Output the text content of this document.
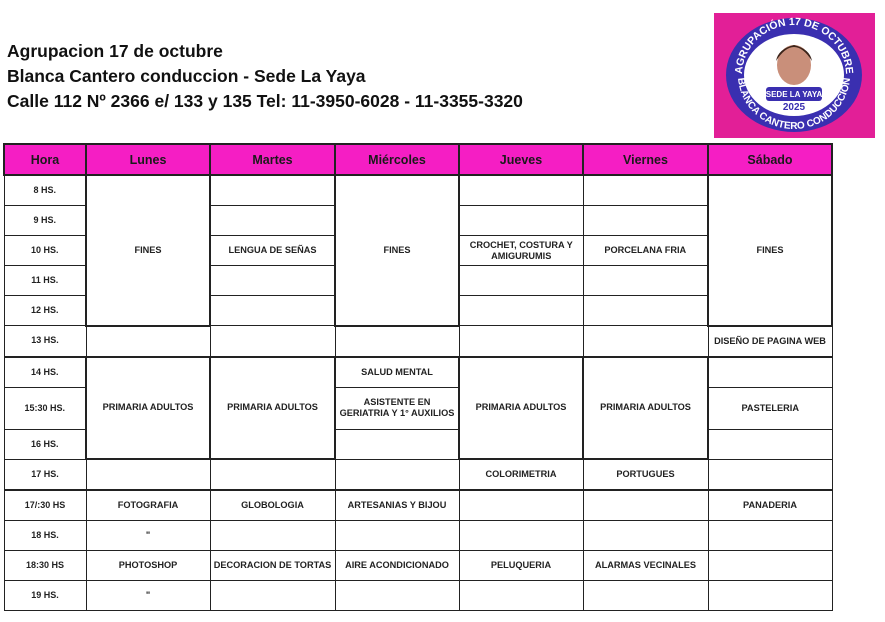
Agrupacion 17 de octubre
Blanca Cantero conduccion - Sede La Yaya
Calle 112 Nº 2366 e/ 133 y 135 Tel: 11-3950-6028 - 11-3355-3320	SEDE LA YAYA
2025
AGRUPACIÓN 17 DE OCTUBRE
BLANCA CANTERO CONDUCCIÓN
Hora	Lunes	Martes	Miércoles	Jueves	Viernes	Sábado
8 HS.	FINES		FINES			FINES
9 HS.						
10 HS.		LENGUA DE SEÑAS		CROCHET, COSTURA Y AMIGURUMIS	PORCELANA FRIA	
11 HS.						
12 HS.						
13 HS.						DISEÑO DE PAGINA WEB
14 HS.	PRIMARIA ADULTOS	PRIMARIA ADULTOS	SALUD MENTAL	PRIMARIA ADULTOS	PRIMARIA ADULTOS	
15:30 HS.			ASISTENTE EN GERIATRIA Y 1° AUXILIOS			PASTELERIA
16 HS.						
17 HS.				COLORIMETRIA	PORTUGUES	
17/:30 HS	FOTOGRAFIA	GLOBOLOGIA	ARTESANIAS Y BIJOU			PANADERIA
18 HS.	"					
18:30 HS	PHOTOSHOP	DECORACION DE TORTAS	AIRE ACONDICIONADO	PELUQUERIA	ALARMAS VECINALES	
19 HS.	"					
